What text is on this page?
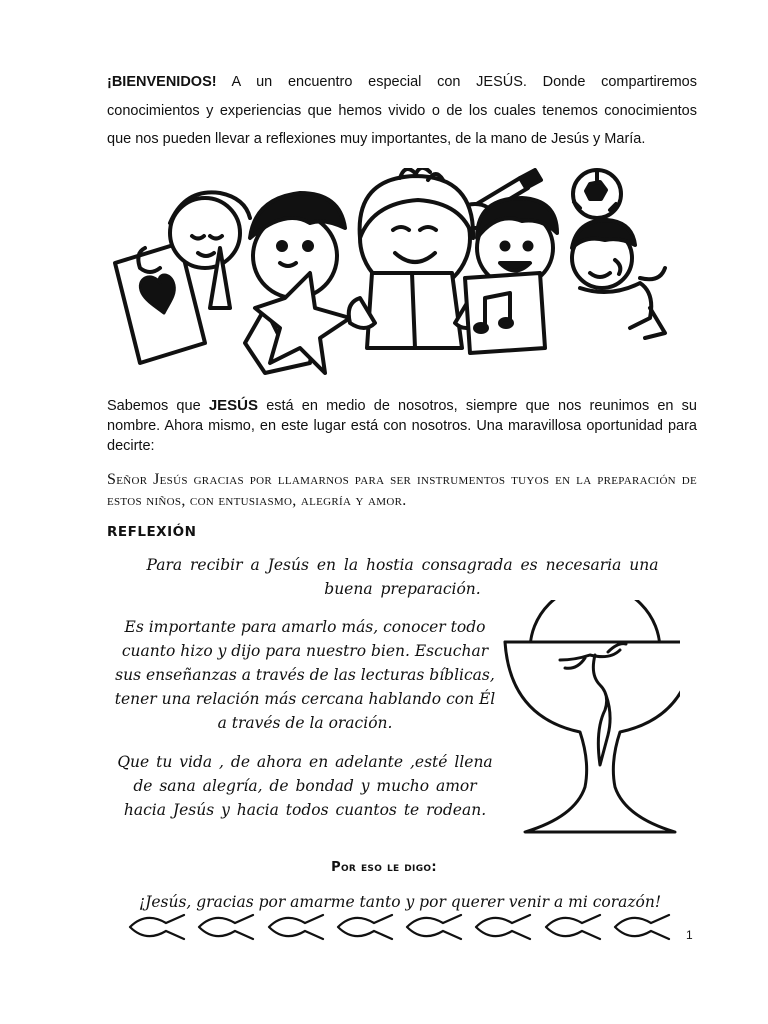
¡BIENVENIDOS! A un encuentro especial con JESÚS. Donde compartiremos conocimientos y experiencias que hemos vivido o de los cuales tenemos conocimientos que nos pueden llevar a reflexiones muy importantes, de la mano de Jesús y María.
Sabemos que JESÚS está en medio de nosotros, siempre que nos reunimos en su nombre. Ahora mismo, en este lugar está con nosotros. Una maravillosa oportunidad para decirte:
Señor Jesús gracias por llamarnos para ser instrumentos tuyos en la preparación de estos niños, con entusiasmo, alegría y amor.
REFLEXIÓN
Para recibir a Jesús en la hostia consagrada es necesaria una buena preparación.
Es importante para amarlo más, conocer todo cuanto hizo y dijo para nuestro bien. Escuchar sus enseñanzas a través de las lecturas bíblicas, tener una relación más cercana hablando con Él a través de la oración.
Que tu vida , de ahora en adelante ,esté llena de sana alegría, de bondad y mucho amor hacia Jesús y hacia todos cuantos te rodean.
Por eso le digo:
¡Jesús, gracias por amarme tanto y por querer venir a mi corazón!
1
